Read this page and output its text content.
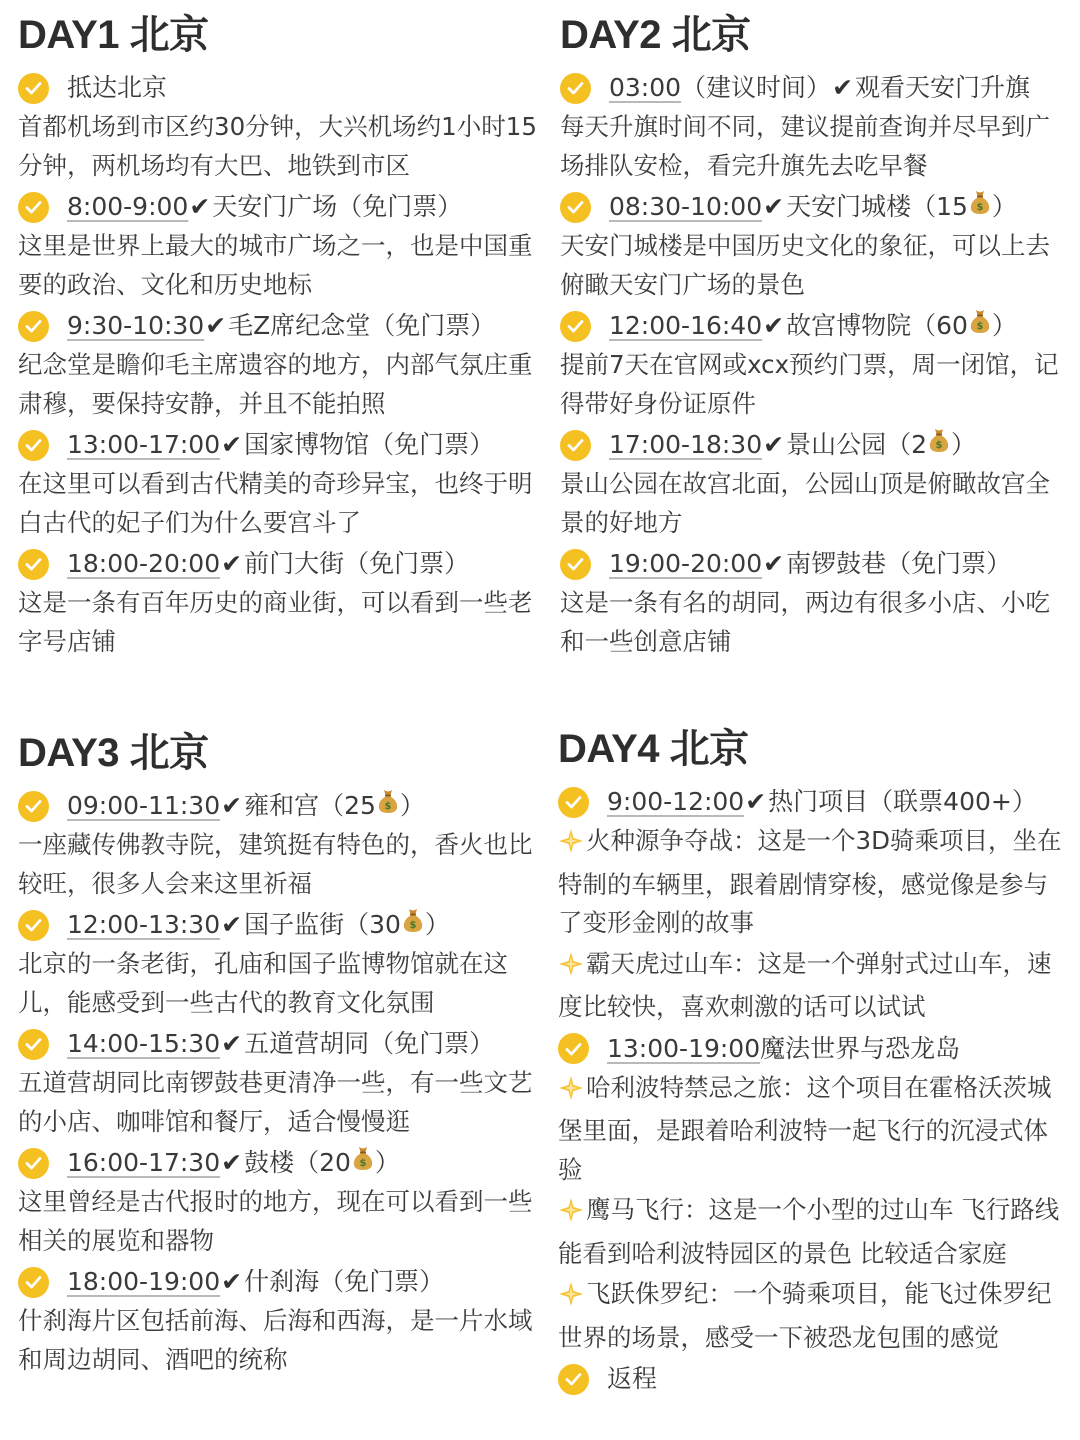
DAY1 北京
抵达北京
首都机场到市区约30分钟，大兴机场约1小时15分钟，两机场均有大巴、地铁到市区
8:00-9:00 ✔ 天安门广场（免门票）
这里是世界上最大的城市广场之一，也是中国重要的政治、文化和历史地标
9:30-10:30 ✔ 毛Z席纪念堂（免门票）
纪念堂是瞻仰毛主席遗容的地方，内部气氛庄重肃穆，要保持安静，并且不能拍照
13:00-17:00 ✔ 国家博物馆（免门票）
在这里可以看到古代精美的奇珍异宝，也终于明白古代的妃子们为什么要宫斗了
18:00-20:00 ✔ 前门大街（免门票）
这是一条有百年历史的商业街，可以看到一些老字号店铺
DAY2 北京
03:00 （建议时间） ✔ 观看天安门升旗
每天升旗时间不同，建议提前查询并尽早到广场排队安检，看完升旗先去吃早餐
08:30-10:00 ✔ 天安门城楼（15 $ ）
天安门城楼是中国历史文化的象征，可以上去俯瞰天安门广场的景色
12:00-16:40 ✔ 故宫博物院（60 $ ）
提前7天在官网或xcx预约门票，周一闭馆，记得带好身份证原件
17:00-18:30 ✔ 景山公园（2 $ ）
景山公园在故宫北面，公园山顶是俯瞰故宫全景的好地方
19:00-20:00 ✔ 南锣鼓巷（免门票）
这是一条有名的胡同，两边有很多小店、小吃和一些创意店铺
DAY3 北京
09:00-11:30 ✔ 雍和宫（25 $ ）
一座藏传佛教寺院，建筑挺有特色的，香火也比较旺，很多人会来这里祈福
12:00-13:30 ✔ 国子监街（30 $ ）
北京的一条老街，孔庙和国子监博物馆就在这儿，能感受到一些古代的教育文化氛围
14:00-15:30 ✔ 五道营胡同（免门票）
五道营胡同比南锣鼓巷更清净一些，有一些文艺的小店、咖啡馆和餐厅，适合慢慢逛
16:00-17:30 ✔ 鼓楼（20 $ ）
这里曾经是古代报时的地方，现在可以看到一些相关的展览和器物
18:00-19:00 ✔ 什刹海（免门票）
什刹海片区包括前海、后海和西海，是一片水域和周边胡同、酒吧的统称
DAY4 北京
9:00-12:00 ✔ 热门项目（联票400+）
火种源争夺战：这是一个3D骑乘项目，坐在特制的车辆里，跟着剧情穿梭，感觉像是参与了变形金刚的故事
霸天虎过山车：这是一个弹射式过山车，速度比较快，喜欢刺激的话可以试试
13:00-19:00 魔法世界与恐龙岛
哈利波特禁忌之旅：这个项目在霍格沃茨城堡里面，是跟着哈利波特一起飞行的沉浸式体验
鹰马飞行：这是一个小型的过山车 飞行路线能看到哈利波特园区的景色 比较适合家庭
飞跃侏罗纪：一个骑乘项目，能飞过侏罗纪世界的场景，感受一下被恐龙包围的感觉
返程
